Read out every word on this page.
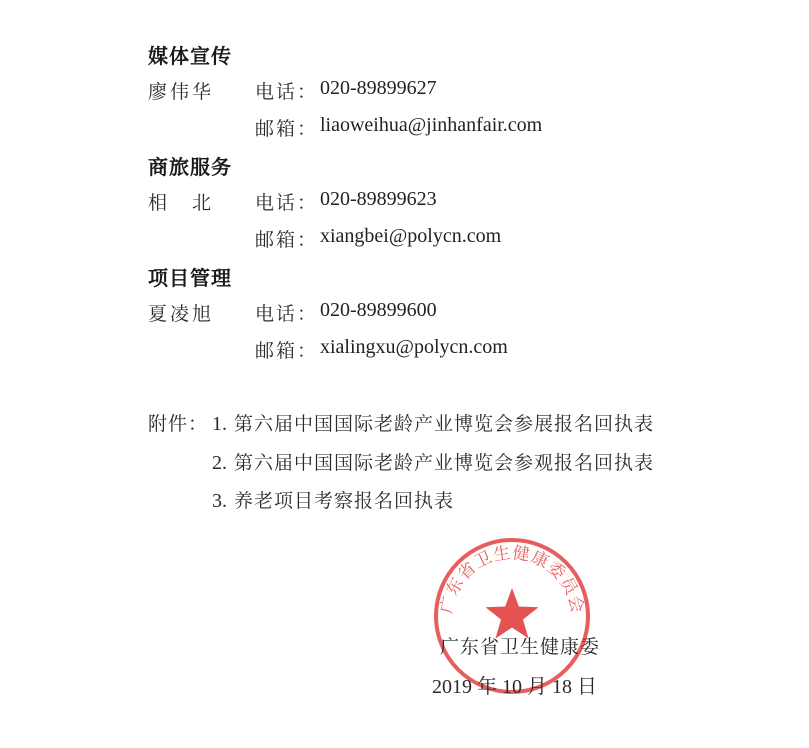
媒体宣传
廖伟华 电话： 020-89899627
邮箱： liaoweihua@jinhanfair.com
商旅服务
相　北 电话： 020-89899623
邮箱： xiangbei@polycn.com
项目管理
夏凌旭 电话： 020-89899600
邮箱： xialingxu@polycn.com
附件： 1. 第六届中国国际老龄产业博览会参展报名回执表
2. 第六届中国国际老龄产业博览会参观报名回执表
3. 养老项目考察报名回执表
广东省卫生健康委员会
广东省卫生健康委
2019 年 10 月 18 日
